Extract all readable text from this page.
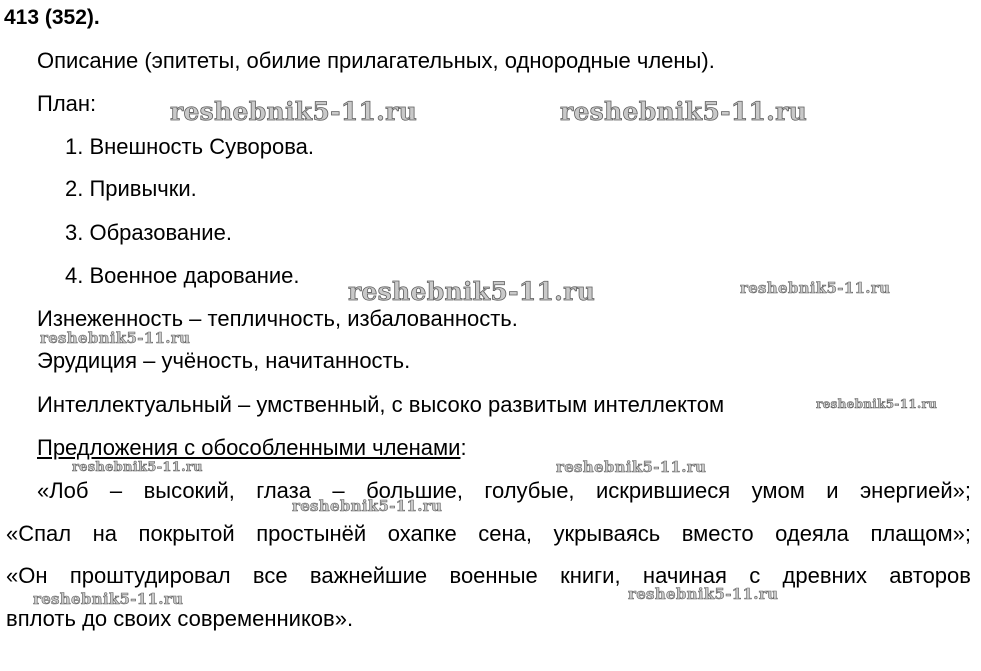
413 (352).
Описание (эпитеты, обилие прилагательных, однородные члены).
План:
1. Внешность Суворова.
2. Привычки.
3. Образование.
4. Военное дарование.
Изнеженность – тепличность, избалованность.
Эрудиция – учёность, начитанность.
Интеллектуальный – умственный, с высоко развитым интеллектом
Предложения с обособленными членами:
«Лоб – высокий, глаза – большие, голубые, искрившиеся умом и энергией»;
«Спал на покрытой простынёй охапке сена, укрываясь вместо одеяла плащом»;
«Он проштудировал все важнейшие военные книги, начиная с древних авторов
вплоть до своих современников».
reshebnik5-11.ru	reshebnik5-11.ru
reshebnik5-11.ru	reshebnik5-11.ru
reshebnik5-11.ru
reshebnik5-11.ru
reshebnik5-11.ru	reshebnik5-11.ru
reshebnik5-11.ru
reshebnik5-11.ru	reshebnik5-11.ru
